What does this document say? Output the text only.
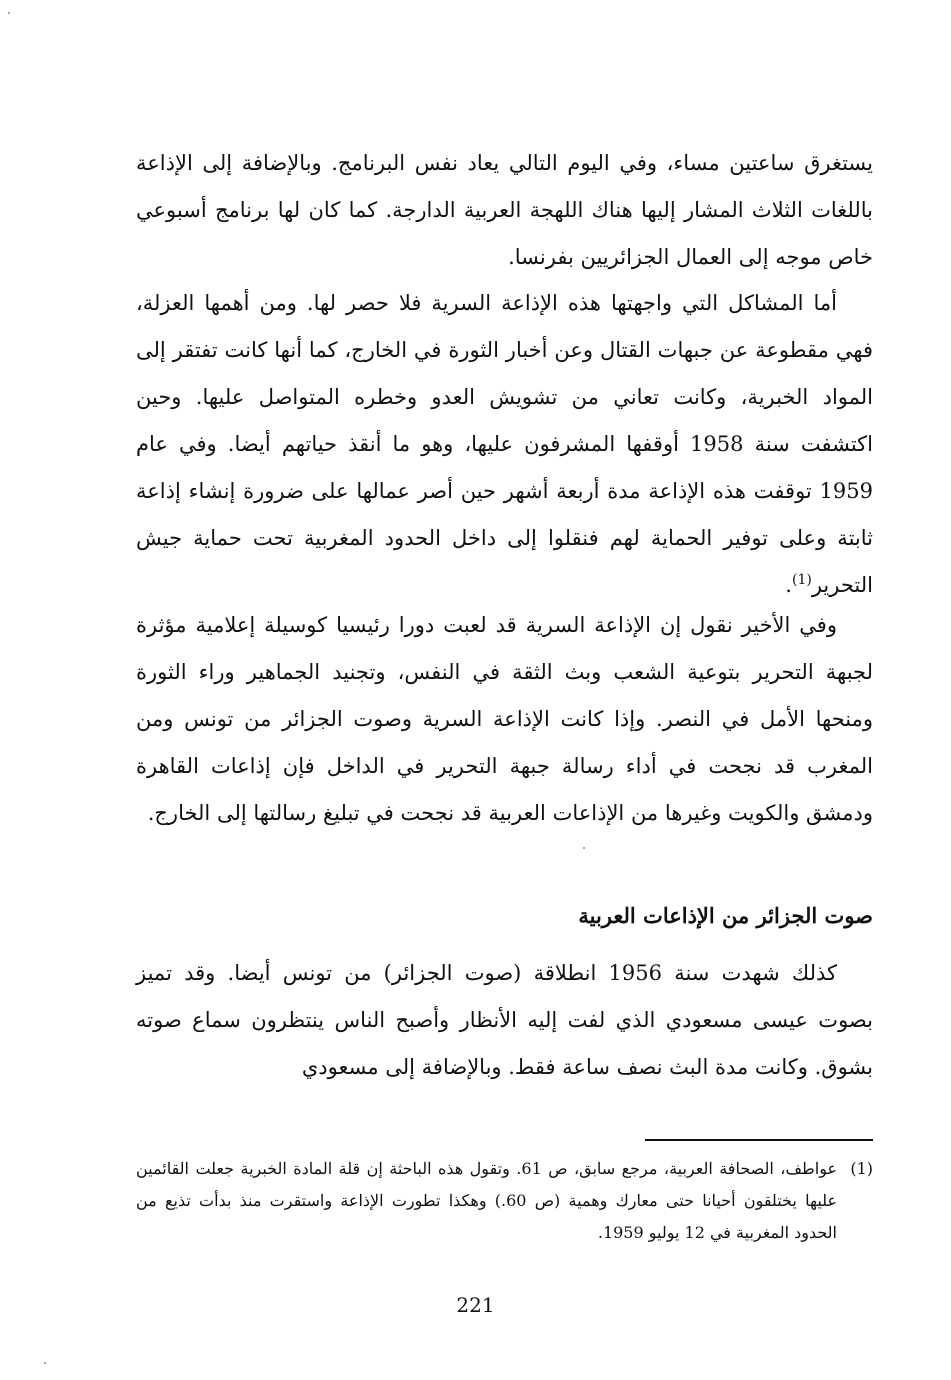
يستغرق ساعتين مساء، وفي اليوم التالي يعاد نفس البرنامج. وبالإضافة إلى الإذاعة باللغات الثلاث المشار إليها هناك اللهجة العربية الدارجة. كما كان لها برنامج أسبوعي خاص موجه إلى العمال الجزائريين بفرنسا.

أما المشاكل التي واجهتها هذه الإذاعة السرية فلا حصر لها. ومن أهمها العزلة، فهي مقطوعة عن جبهات القتال وعن أخبار الثورة في الخارج، كما أنها كانت تفتقر إلى المواد الخبرية، وكانت تعاني من تشويش العدو وخطره المتواصل عليها. وحين اكتشفت سنة 1958 أوقفها المشرفون عليها، وهو ما أنقذ حياتهم أيضا. وفي عام 1959 توقفت هذه الإذاعة مدة أربعة أشهر حين أصر عمالها على ضرورة إنشاء إذاعة ثابتة وعلى توفير الحماية لهم فنقلوا إلى داخل الحدود المغربية تحت حماية جيش التحرير$^{(1)}$.

وفي الأخير نقول إن الإذاعة السرية قد لعبت دورا رئيسيا كوسيلة إعلامية مؤثرة لجبهة التحرير بتوعية الشعب وبث الثقة في النفس، وتجنيد الجماهير وراء الثورة ومنحها الأمل في النصر. وإذا كانت الإذاعة السرية وصوت الجزائر من تونس ومن المغرب قد نجحت في أداء رسالة جبهة التحرير في الداخل فإن إذاعات القاهرة ودمشق والكويت وغيرها من الإذاعات العربية قد نجحت في تبليغ رسالتها إلى الخارج.

صوت الجزائر من الإذاعات العربية

كذلك شهدت سنة 1956 انطلاقة (صوت الجزائر) من تونس أيضا. وقد تميز بصوت عيسى مسعودي الذي لفت إليه الأنظار وأصبح الناس ينتظرون سماع صوته بشوق. وكانت مدة البث نصف ساعة فقط. وبالإضافة إلى مسعودي

(1)
عواطف، الصحافة العربية، مرجع سابق، ص 61. وتقول هذه الباحثة إن قلة المادة الخبرية جعلت القائمين عليها يختلقون أحيانا حتى معارك وهمية (ص 60.) وهكذا تطورت الإذاعة واستقرت منذ بدأت تذيع من الحدود المغربية في 12 يوليو 1959.

221
